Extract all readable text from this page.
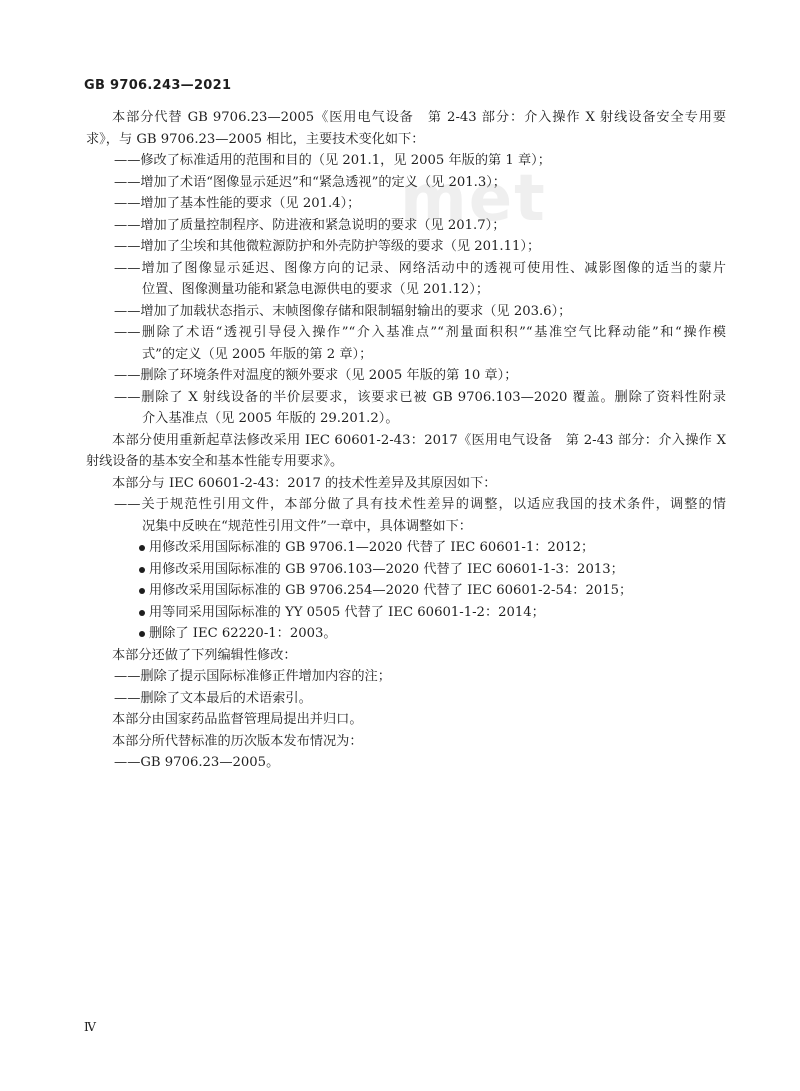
GB 9706.243—2021
met
本部分代替 GB 9706.23—2005《医用电气设备　第 2-43 部分：介入操作 X 射线设备安全专用要
求》，与 GB 9706.23—2005 相比，主要技术变化如下：
——修改了标准适用的范围和目的（见 201.1，见 2005 年版的第 1 章）；
——增加了术语“图像显示延迟”和“紧急透视”的定义（见 201.3）；
——增加了基本性能的要求（见 201.4）；
——增加了质量控制程序、防进液和紧急说明的要求（见 201.7）；
——增加了尘埃和其他微粒源防护和外壳防护等级的要求（见 201.11）；
——增加了图像显示延迟、图像方向的记录、网络活动中的透视可使用性、减影图像的适当的蒙片
位置、图像测量功能和紧急电源供电的要求（见 201.12）；
——增加了加载状态指示、末帧图像存储和限制辐射输出的要求（见 203.6）；
——删除了术语“透视引导侵入操作”“介入基准点”“剂量面积积”“基准空气比释动能”和“操作模
式”的定义（见 2005 年版的第 2 章）；
——删除了环境条件对温度的额外要求（见 2005 年版的第 10 章）；
——删除了 X 射线设备的半价层要求，该要求已被 GB 9706.103—2020 覆盖。删除了资料性附录
介入基准点（见 2005 年版的 29.201.2）。
本部分使用重新起草法修改采用 IEC 60601-2-43：2017《医用电气设备　第 2-43 部分：介入操作 X
射线设备的基本安全和基本性能专用要求》。
本部分与 IEC 60601-2-43：2017 的技术性差异及其原因如下：
——关于规范性引用文件，本部分做了具有技术性差异的调整，以适应我国的技术条件，调整的情
况集中反映在“规范性引用文件”一章中，具体调整如下：
用修改采用国际标准的 GB 9706.1—2020 代替了 IEC 60601-1：2012；
用修改采用国际标准的 GB 9706.103—2020 代替了 IEC 60601-1-3：2013；
用修改采用国际标准的 GB 9706.254—2020 代替了 IEC 60601-2-54：2015；
用等同采用国际标准的 YY 0505 代替了 IEC 60601-1-2：2014；
删除了 IEC 62220-1：2003。
本部分还做了下列编辑性修改：
——删除了提示国际标准修正件增加内容的注；
——删除了文本最后的术语索引。
本部分由国家药品监督管理局提出并归口。
本部分所代替标准的历次版本发布情况为：
——GB 9706.23—2005。
Ⅳ
